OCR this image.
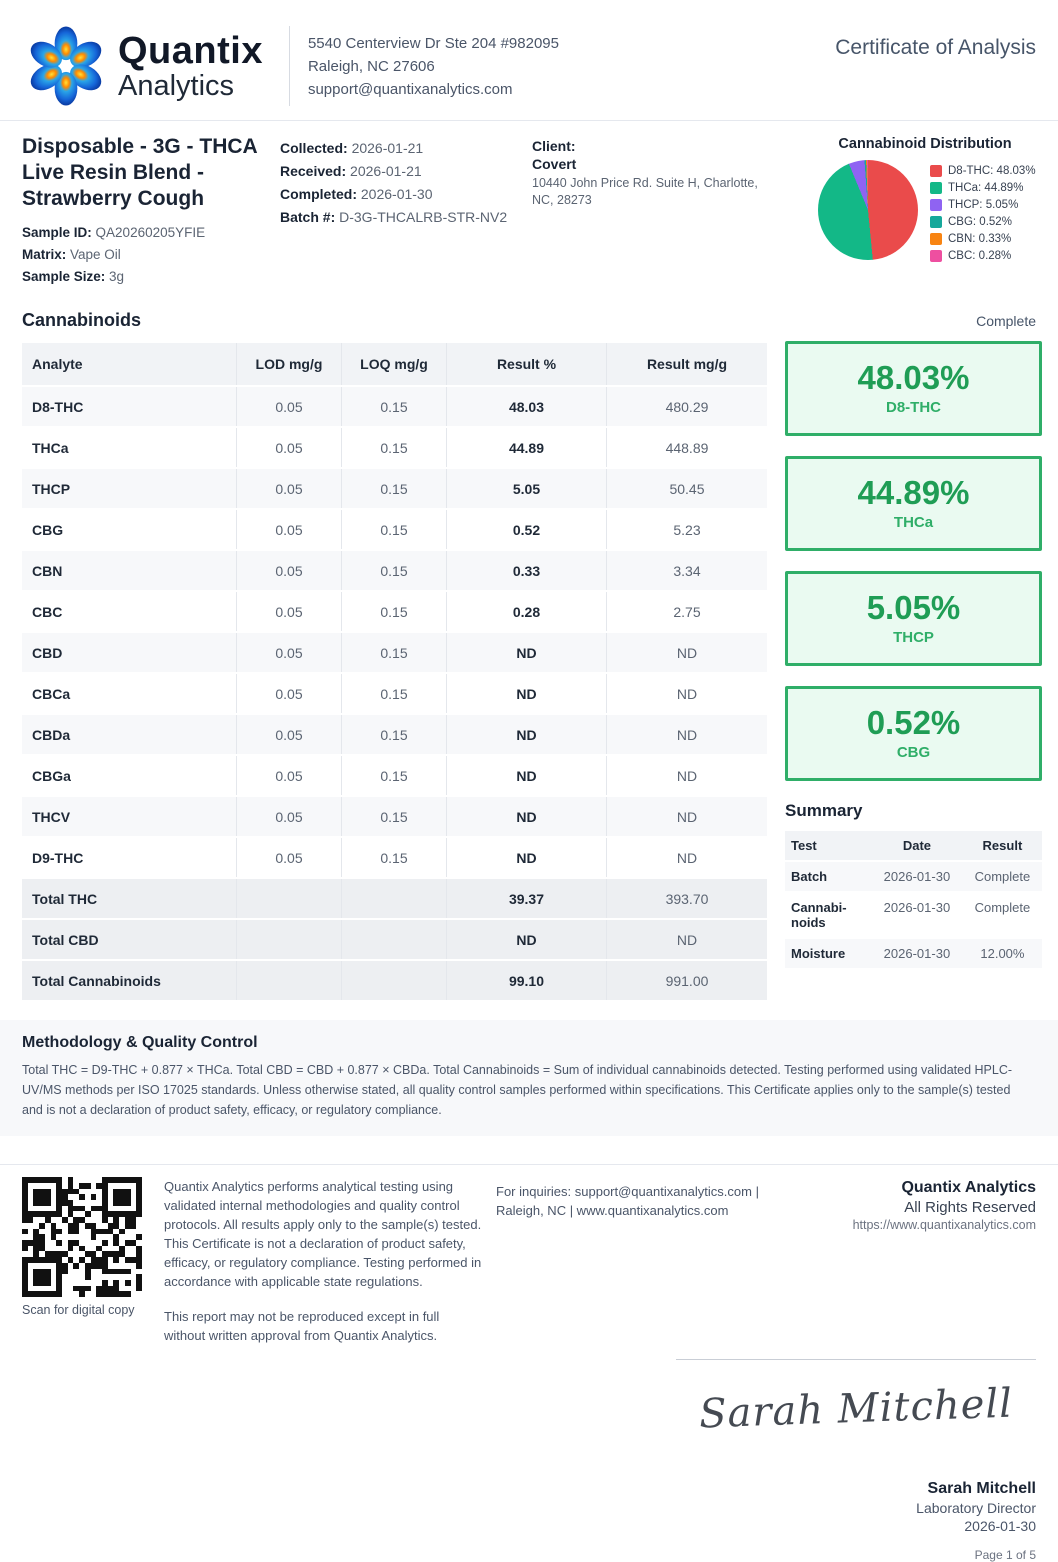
Quantix
Analytics
5540 Centerview Dr Ste 204 #982095
Raleigh, NC 27606
support@quantixanalytics.com
Certificate of Analysis
Disposable - 3G - THCA Live Resin Blend - Strawberry Cough
Sample ID: QA20260205YFIE
Matrix: Vape Oil
Sample Size: 3g
Collected: 2026-01-21
Received: 2026-01-21
Completed: 2026-01-30
Batch #: D-3G-THCALRB-STR-NV2
Client:
Covert
10440 John Price Rd. Suite H, Charlotte, NC, 28273
Cannabinoid Distribution
D8-THC: 48.03%
THCa: 44.89%
THCP: 5.05%
CBG: 0.52%
CBN: 0.33%
CBC: 0.28%
Cannabinoids	Complete
Analyte	LOD mg/g	LOQ mg/g	Result %	Result mg/g
D8-THC	0.05	0.15	48.03	480.29
THCa	0.05	0.15	44.89	448.89
THCP	0.05	0.15	5.05	50.45
CBG	0.05	0.15	0.52	5.23
CBN	0.05	0.15	0.33	3.34
CBC	0.05	0.15	0.28	2.75
CBD	0.05	0.15	ND	ND
CBCa	0.05	0.15	ND	ND
CBDa	0.05	0.15	ND	ND
CBGa	0.05	0.15	ND	ND
THCV	0.05	0.15	ND	ND
D9-THC	0.05	0.15	ND	ND
Total THC			39.37	393.70
Total CBD			ND	ND
Total Cannabinoids			99.10	991.00
48.03%
D8-THC
44.89%
THCa
5.05%
THCP
0.52%
CBG
Summary
Test	Date	Result
Batch	2026-01-30	Complete
Cannabinoids	2026-01-30	Complete
Moisture	2026-01-30	12.00%
Methodology & Quality Control
Total THC = D9-THC + 0.877 × THCa. Total CBD = CBD + 0.877 × CBDa. Total Cannabinoids = Sum of individual cannabinoids detected. Testing performed using validated HPLC-UV/MS methods per ISO 17025 standards. Unless otherwise stated, all quality control samples performed within specifications. This Certificate applies only to the sample(s) tested and is not a declaration of product safety, efficacy, or regulatory compliance.
Scan for digital copy
Quantix Analytics performs analytical testing using validated internal methodologies and quality control protocols. All results apply only to the sample(s) tested. This Certificate is not a declaration of product safety, efficacy, or regulatory compliance. Testing performed in accordance with applicable state regulations.
This report may not be reproduced except in full without written approval from Quantix Analytics.
For inquiries: support@quantixanalytics.com | Raleigh, NC | www.quantixanalytics.com
Quantix Analytics
All Rights Reserved
https://www.quantixanalytics.com
Sarah Mitchell
Sarah Mitchell
Laboratory Director
2026-01-30
Page 1 of 5
